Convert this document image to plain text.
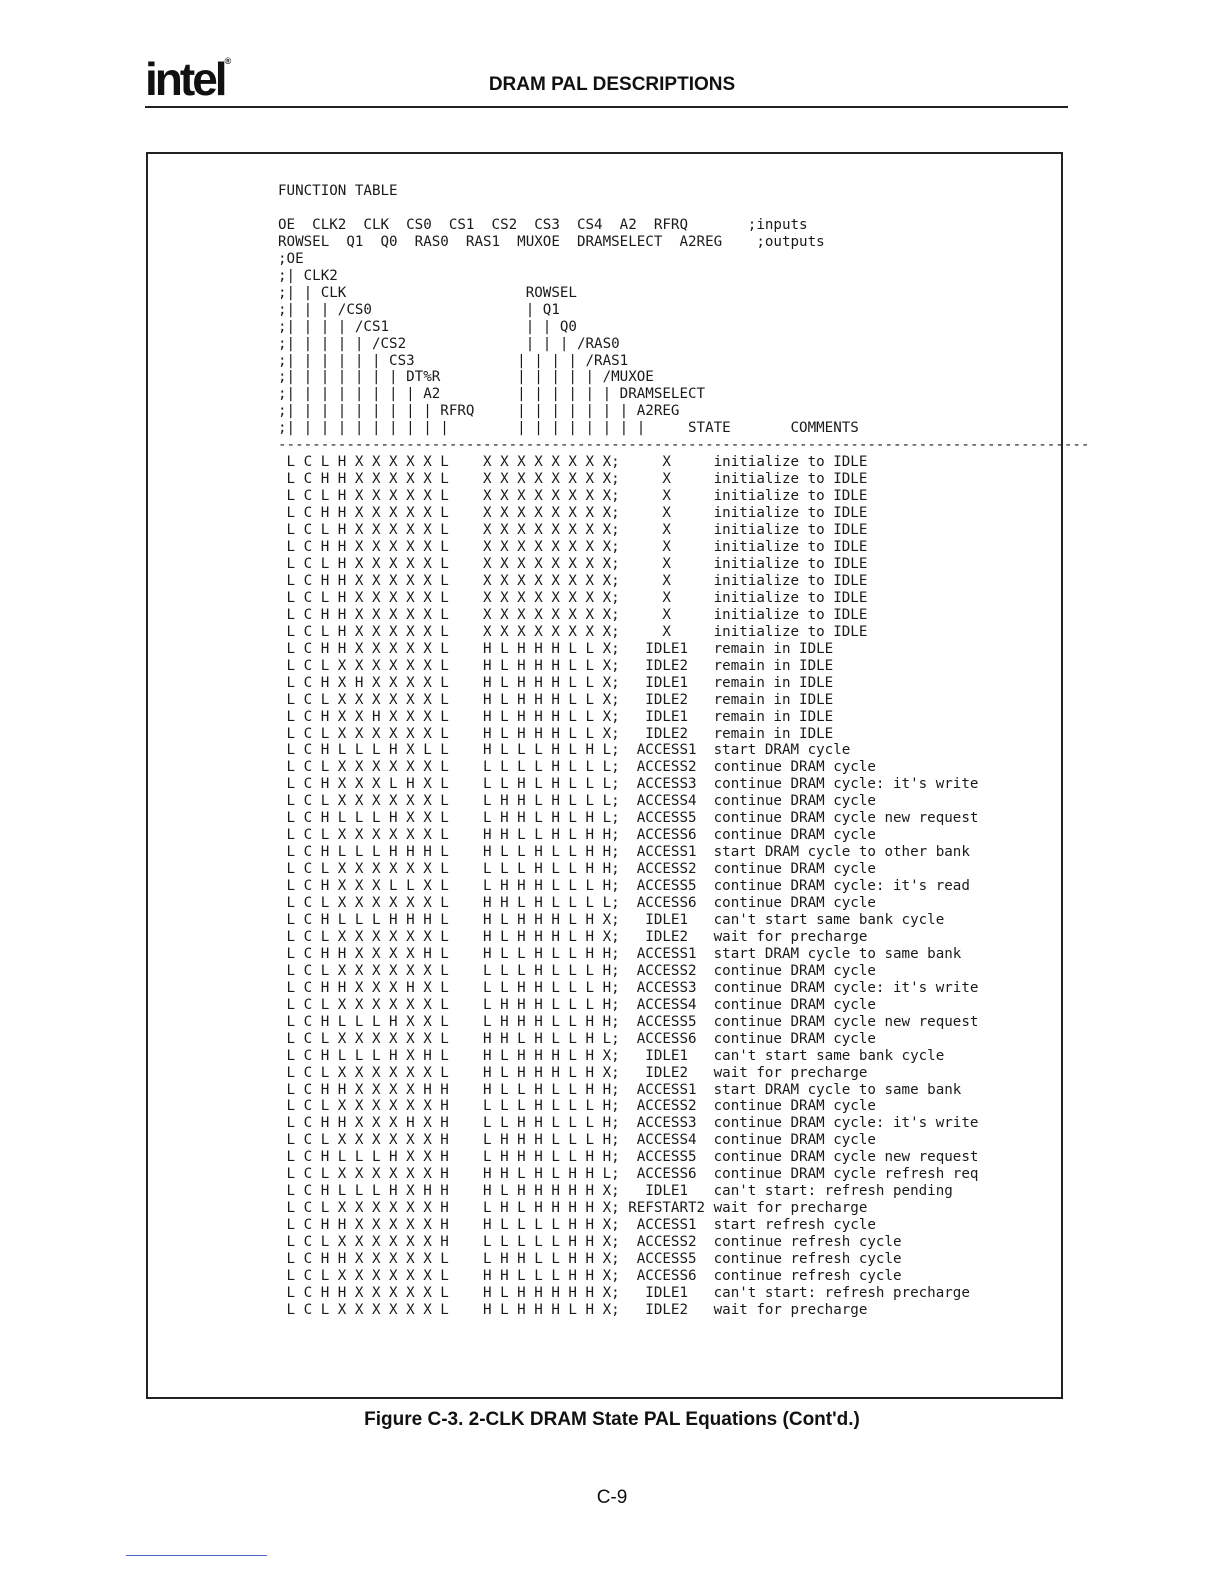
intel®
DRAM PAL DESCRIPTIONS
FUNCTION TABLE

OE  CLK2  CLK  CS0  CS1  CS2  CS3  CS4  A2  RFRQ       ;inputs
ROWSEL  Q1  Q0  RAS0  RAS1  MUXOE  DRAMSELECT  A2REG    ;outputs
;OE
;| CLK2
;| | CLK                     ROWSEL
;| | | /CS0                  | Q1
;| | | | /CS1                | | Q0
;| | | | | /CS2              | | | /RAS0
;| | | | | | CS3            | | | | /RAS1
;| | | | | | | DT%R         | | | | | /MUXOE
;| | | | | | | | A2         | | | | | | DRAMSELECT
;| | | | | | | | | RFRQ     | | | | | | | A2REG
;| | | | | | | | | |        | | | | | | | |     STATE       COMMENTS
-----------------------------------------------------------------------------------------------
L C L H X X X X X L    X X X X X X X X;     X     initialize to IDLE
L C H H X X X X X L    X X X X X X X X;     X     initialize to IDLE
L C L H X X X X X L    X X X X X X X X;     X     initialize to IDLE
L C H H X X X X X L    X X X X X X X X;     X     initialize to IDLE
L C L H X X X X X L    X X X X X X X X;     X     initialize to IDLE
L C H H X X X X X L    X X X X X X X X;     X     initialize to IDLE
L C L H X X X X X L    X X X X X X X X;     X     initialize to IDLE
L C H H X X X X X L    X X X X X X X X;     X     initialize to IDLE
L C L H X X X X X L    X X X X X X X X;     X     initialize to IDLE
L C H H X X X X X L    X X X X X X X X;     X     initialize to IDLE
L C L H X X X X X L    X X X X X X X X;     X     initialize to IDLE
L C H H X X X X X L    H L H H H L L X;   IDLE1   remain in IDLE
L C L X X X X X X L    H L H H H L L X;   IDLE2   remain in IDLE
L C H X H X X X X L    H L H H H L L X;   IDLE1   remain in IDLE
L C L X X X X X X L    H L H H H L L X;   IDLE2   remain in IDLE
L C H X X H X X X L    H L H H H L L X;   IDLE1   remain in IDLE
L C L X X X X X X L    H L H H H L L X;   IDLE2   remain in IDLE
L C H L L L H X L L    H L L L H L H L;  ACCESS1  start DRAM cycle
L C L X X X X X X L    L L L L H L L L;  ACCESS2  continue DRAM cycle
L C H X X X L H X L    L L H L H L L L;  ACCESS3  continue DRAM cycle: it's write
L C L X X X X X X L    L H H L H L L L;  ACCESS4  continue DRAM cycle
L C H L L L H X X L    L H H L H L H L;  ACCESS5  continue DRAM cycle new request
L C L X X X X X X L    H H L L H L H H;  ACCESS6  continue DRAM cycle
L C H L L L H H H L    H L L H L L H H;  ACCESS1  start DRAM cycle to other bank
L C L X X X X X X L    L L L H L L H H;  ACCESS2  continue DRAM cycle
L C H X X X L L X L    L H H H L L L H;  ACCESS5  continue DRAM cycle: it's read
L C L X X X X X X L    H H L H L L L L;  ACCESS6  continue DRAM cycle
L C H L L L H H H L    H L H H H L H X;   IDLE1   can't start same bank cycle
L C L X X X X X X L    H L H H H L H X;   IDLE2   wait for precharge
L C H H X X X X H L    H L L H L L H H;  ACCESS1  start DRAM cycle to same bank
L C L X X X X X X L    L L L H L L L H;  ACCESS2  continue DRAM cycle
L C H H X X X H X L    L L H H L L L H;  ACCESS3  continue DRAM cycle: it's write
L C L X X X X X X L    L H H H L L L H;  ACCESS4  continue DRAM cycle
L C H L L L H X X L    L H H H L L H H;  ACCESS5  continue DRAM cycle new request
L C L X X X X X X L    H H L H L L H L;  ACCESS6  continue DRAM cycle
L C H L L L H X H L    H L H H H L H X;   IDLE1   can't start same bank cycle
L C L X X X X X X L    H L H H H L H X;   IDLE2   wait for precharge
L C H H X X X X H H    H L L H L L H H;  ACCESS1  start DRAM cycle to same bank
L C L X X X X X X H    L L L H L L L H;  ACCESS2  continue DRAM cycle
L C H H X X X H X H    L L H H L L L H;  ACCESS3  continue DRAM cycle: it's write
L C L X X X X X X H    L H H H L L L H;  ACCESS4  continue DRAM cycle
L C H L L L H X X H    L H H H L L H H;  ACCESS5  continue DRAM cycle new request
L C L X X X X X X H    H H L H L H H L;  ACCESS6  continue DRAM cycle refresh req
L C H L L L H X H H    H L H H H H H X;   IDLE1   can't start: refresh pending
L C L X X X X X X H    L H L H H H H X; REFSTART2 wait for precharge
L C H H X X X X X H    H L L L L H H X;  ACCESS1  start refresh cycle
L C L X X X X X X H    L L L L L H H X;  ACCESS2  continue refresh cycle
L C H H X X X X X L    L H H L L H H X;  ACCESS5  continue refresh cycle
L C L X X X X X X L    H H L L L H H X;  ACCESS6  continue refresh cycle
L C H H X X X X X L    H L H H H H H X;   IDLE1   can't start: refresh precharge
L C L X X X X X X L    H L H H H L H X;   IDLE2   wait for precharge
Figure C-3. 2-CLK DRAM State PAL Equations (Cont'd.)
C-9
